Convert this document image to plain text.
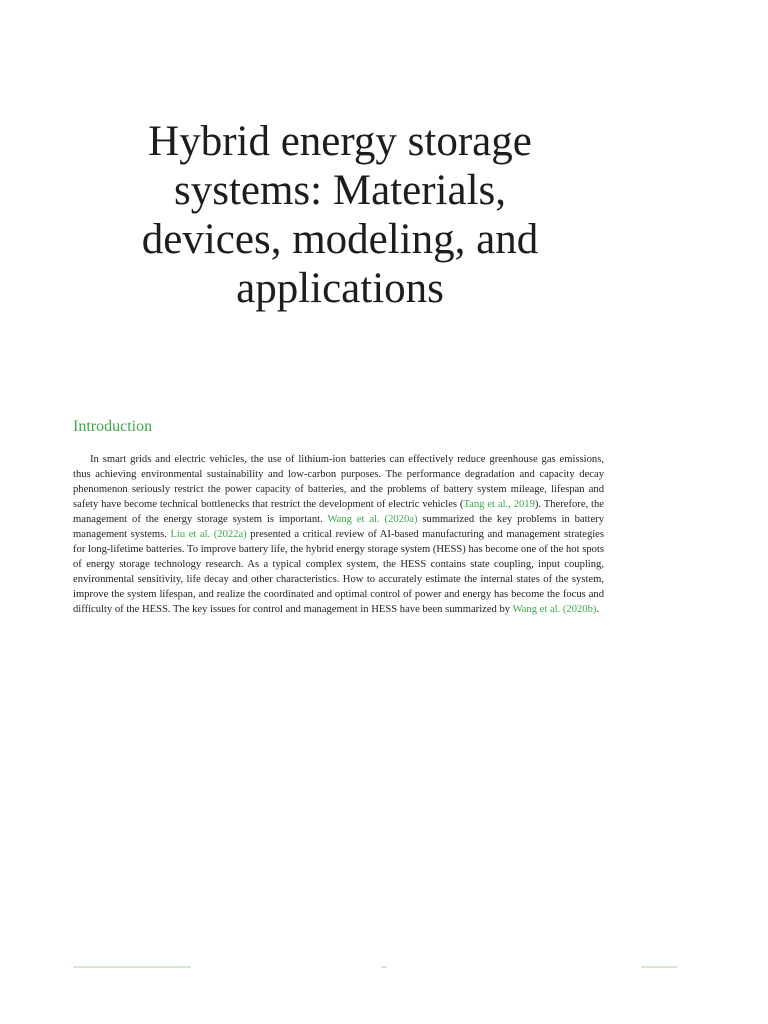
Hybrid energy storage
systems: Materials,
devices, modeling, and
applications
Introduction

In smart grids and electric vehicles, the use of lithium-ion batteries can effectively reduce greenhouse gas emissions, thus achieving environmental sustainability and low-carbon purposes. The performance degradation and capacity decay phenomenon seriously restrict the power capacity of batteries, and the problems of battery system mileage, lifespan and safety have become technical bottlenecks that restrict the development of electric vehicles (Tang et al., 2019). Therefore, the management of the energy storage system is important. Wang et al. (2020a) summarized the key problems in battery management systems. Liu et al. (2022a) presented a critical review of AI-based manufacturing and management strategies for long-lifetime batteries. To improve battery life, the hybrid energy storage system (HESS) has become one of the hot spots of energy storage technology research. As a typical complex system, the HESS contains state coupling, input coupling, environmental sensitivity, life decay and other characteristics. How to accurately estimate the internal states of the system, improve the system lifespan, and realize the coordinated and optimal control of power and energy has become the focus and difficulty of the HESS. The key issues for control and management in HESS have been summarized by Wang et al. (2020b).
